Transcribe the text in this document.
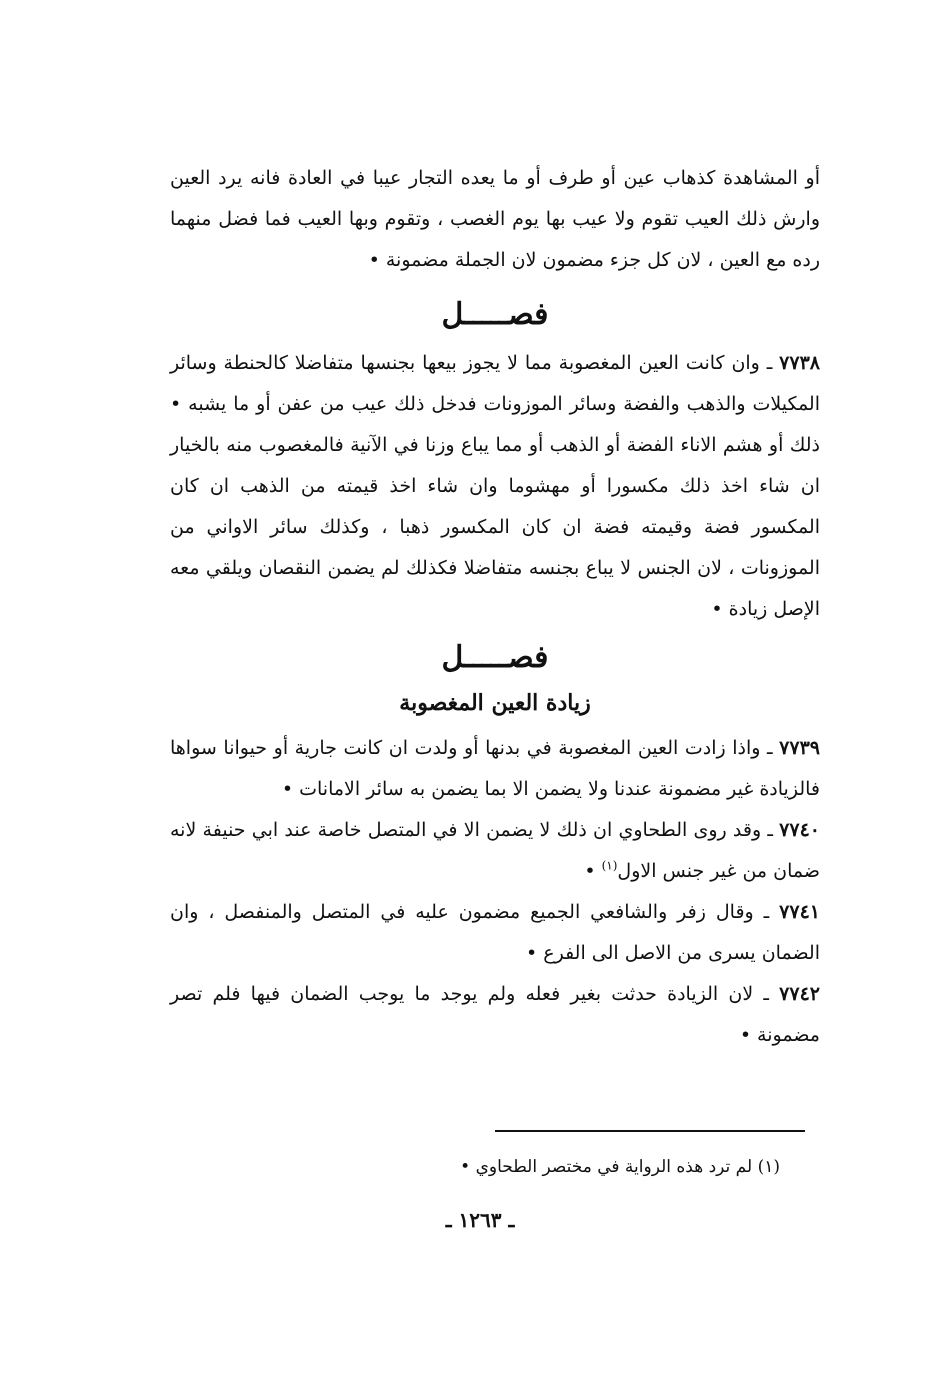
أو المشاهدة كذهاب عين أو طرف أو ما يعده التجار عيبا في العادة فانه يرد العين وارش ذلك العيب تقوم ولا عيب بها يوم الغصب ، وتقوم وبها العيب فما فضل منهما رده مع العين ، لان كل جزء مضمون لان الجملة مضمونة •

فصـــــل

٧٧٣٨ ـ وان كانت العين المغصوبة مما لا يجوز بيعها بجنسها متفاضلا كالحنطة وسائر المكيلات والذهب والفضة وسائر الموزونات فدخل ذلك عيب من عفن أو ما يشبه • ذلك أو هشم الاناء الفضة أو الذهب أو مما يباع وزنا في الآنية فالمغصوب منه بالخيار ان شاء اخذ ذلك مكسورا أو مهشوما وان شاء اخذ قيمته من الذهب ان كان المكسور فضة وقيمته فضة ان كان المكسور ذهبا ، وكذلك سائر الاواني من الموزونات ، لان الجنس لا يباع بجنسه متفاضلا فكذلك لم يضمن النقصان ويلقي معه الإصل زيادة •

فصـــــل
زيادة العين المغصوبة

٧٧٣٩ ـ واذا زادت العين المغصوبة في بدنها أو ولدت ان كانت جارية أو حيوانا سواها فالزيادة غير مضمونة عندنا ولا يضمن الا بما يضمن به سائر الامانات •

٧٧٤٠ ـ وقد روى الطحاوي ان ذلك لا يضمن الا في المتصل خاصة عند ابي حنيفة لانه ضمان من غير جنس الاول$^{(١)}$ •

٧٧٤١ ـ وقال زفر والشافعي الجميع مضمون عليه في المتصل والمنفصل ، وان الضمان يسرى من الاصل الى الفرع •

٧٧٤٢ ـ لان الزيادة حدثت بغير فعله ولم يوجد ما يوجب الضمان فيها فلم تصر مضمونة •

(١) لم ترد هذه الرواية في مختصر الطحاوي •
ـ ١٢٦٣ ـ
